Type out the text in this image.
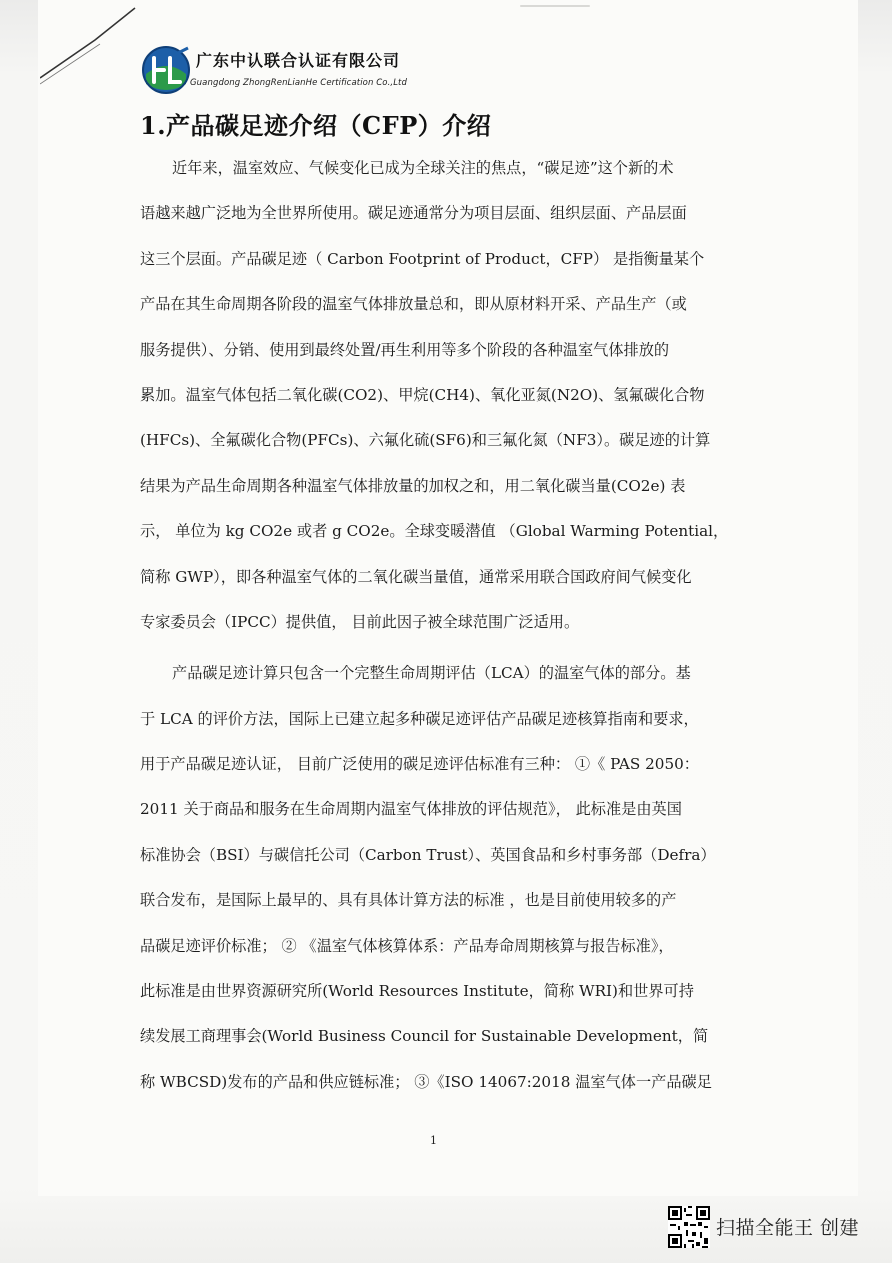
广东中认联合认证有限公司
Guangdong ZhongRenLianHe Certification Co.,Ltd
1.产品碳足迹介绍（CFP）介绍
近年来，温室效应、气候变化已成为全球关注的焦点，“碳足迹”这个新的术
语越来越广泛地为全世界所使用。碳足迹通常分为项目层面、组织层面、产品层面
这三个层面。产品碳足迹（ Carbon Footprint of Product，CFP） 是指衡量某个
产品在其生命周期各阶段的温室气体排放量总和，即从原材料开采、产品生产（或
服务提供）、分销、使用到最终处置/再生利用等多个阶段的各种温室气体排放的
累加。温室气体包括二氧化碳(CO2)、甲烷(CH4)、氧化亚氮(N2O)、氢氟碳化合物
(HFCs)、全氟碳化合物(PFCs)、六氟化硫(SF6)和三氟化氮（NF3）。碳足迹的计算
结果为产品生命周期各种温室气体排放量的加权之和，用二氧化碳当量(CO2e) 表
示， 单位为 kg CO2e 或者 g CO2e。全球变暖潜值 （Global Warming Potential，
简称 GWP），即各种温室气体的二氧化碳当量值，通常采用联合国政府间气候变化
专家委员会（IPCC）提供值， 目前此因子被全球范围广泛适用。
产品碳足迹计算只包含一个完整生命周期评估（LCA）的温室气体的部分。基
于 LCA 的评价方法，国际上已建立起多种碳足迹评估产品碳足迹核算指南和要求，
用于产品碳足迹认证， 目前广泛使用的碳足迹评估标准有三种： ①《 PAS 2050：
2011 关于商品和服务在生命周期内温室气体排放的评估规范》， 此标准是由英国
标准协会（BSI）与碳信托公司（Carbon Trust）、英国食品和乡村事务部（Defra）
联合发布，是国际上最早的、具有具体计算方法的标准 ，也是目前使用较多的产
品碳足迹评价标准； ② 《温室气体核算体系：产品寿命周期核算与报告标准》，
此标准是由世界资源研究所(World Resources Institute，简称 WRI)和世界可持
续发展工商理事会(World Business Council for Sustainable Development，简
称 WBCSD)发布的产品和供应链标准； ③《ISO 14067:2018 温室气体一产品碳足
1
扫描全能王 创建
